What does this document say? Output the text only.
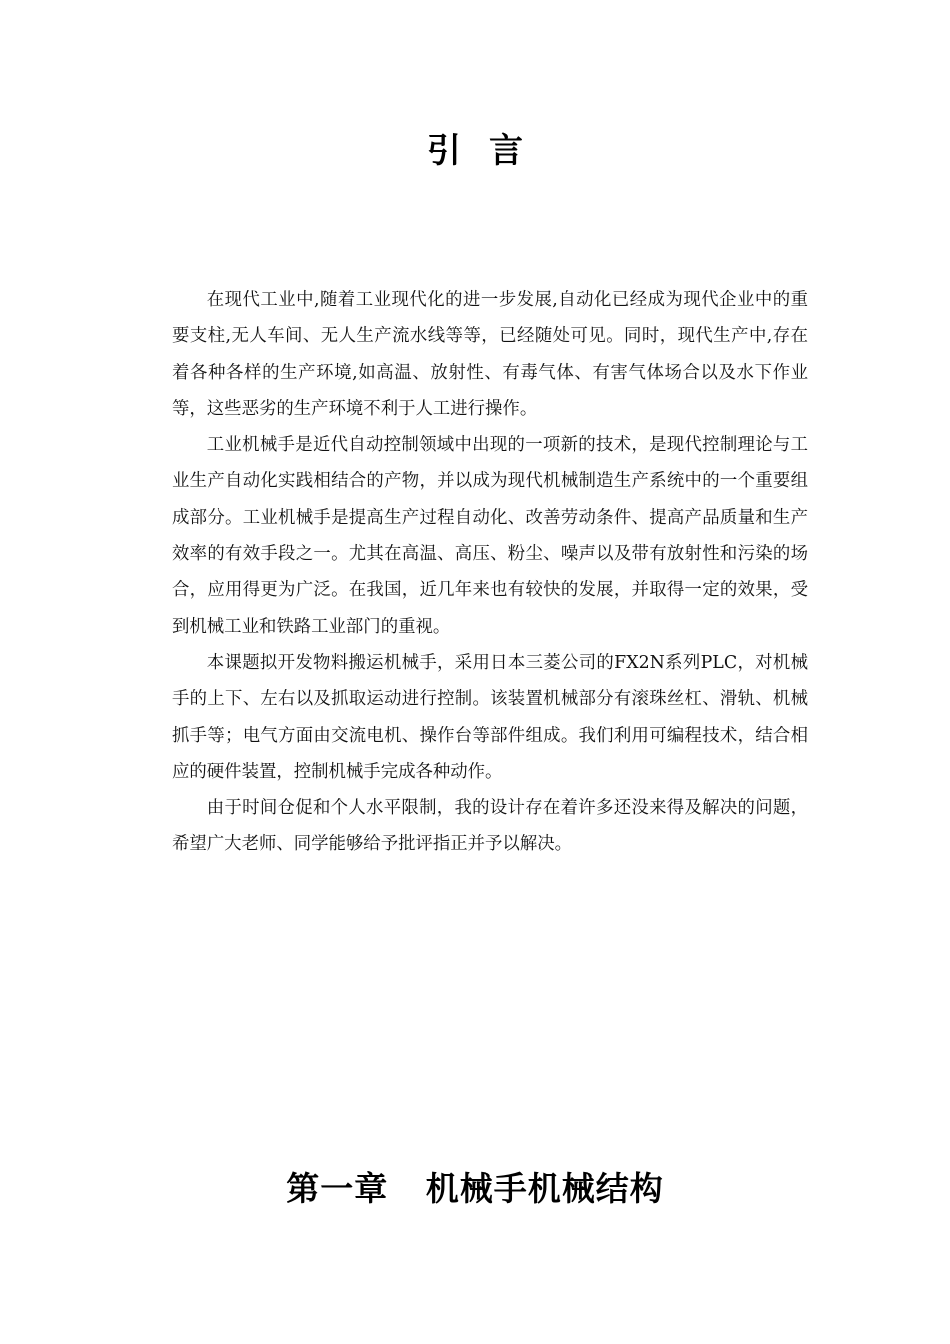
引言

在现代工业中,随着工业现代化的进一步发展,自动化已经成为现代企业中的重要支柱,无人车间、无人生产流水线等等，已经随处可见。同时，现代生产中,存在着各种各样的生产环境,如高温、放射性、有毒气体、有害气体场合以及水下作业等，这些恶劣的生产环境不利于人工进行操作。

工业机械手是近代自动控制领域中出现的一项新的技术，是现代控制理论与工业生产自动化实践相结合的产物，并以成为现代机械制造生产系统中的一个重要组成部分。工业机械手是提高生产过程自动化、改善劳动条件、提高产品质量和生产效率的有效手段之一。尤其在高温、高压、粉尘、噪声以及带有放射性和污染的场合，应用得更为广泛。在我国，近几年来也有较快的发展，并取得一定的效果，受到机械工业和铁路工业部门的重视。

本课题拟开发物料搬运机械手，采用日本三菱公司的FX2N系列PLC，对机械手的上下、左右以及抓取运动进行控制。该装置机械部分有滚珠丝杠、滑轨、机械抓手等；电气方面由交流电机、操作台等部件组成。我们利用可编程技术，结合相应的硬件装置，控制机械手完成各种动作。

由于时间仓促和个人水平限制，我的设计存在着许多还没来得及解决的问题，希望广大老师、同学能够给予批评指正并予以解决。

第一章   机械手机械结构
